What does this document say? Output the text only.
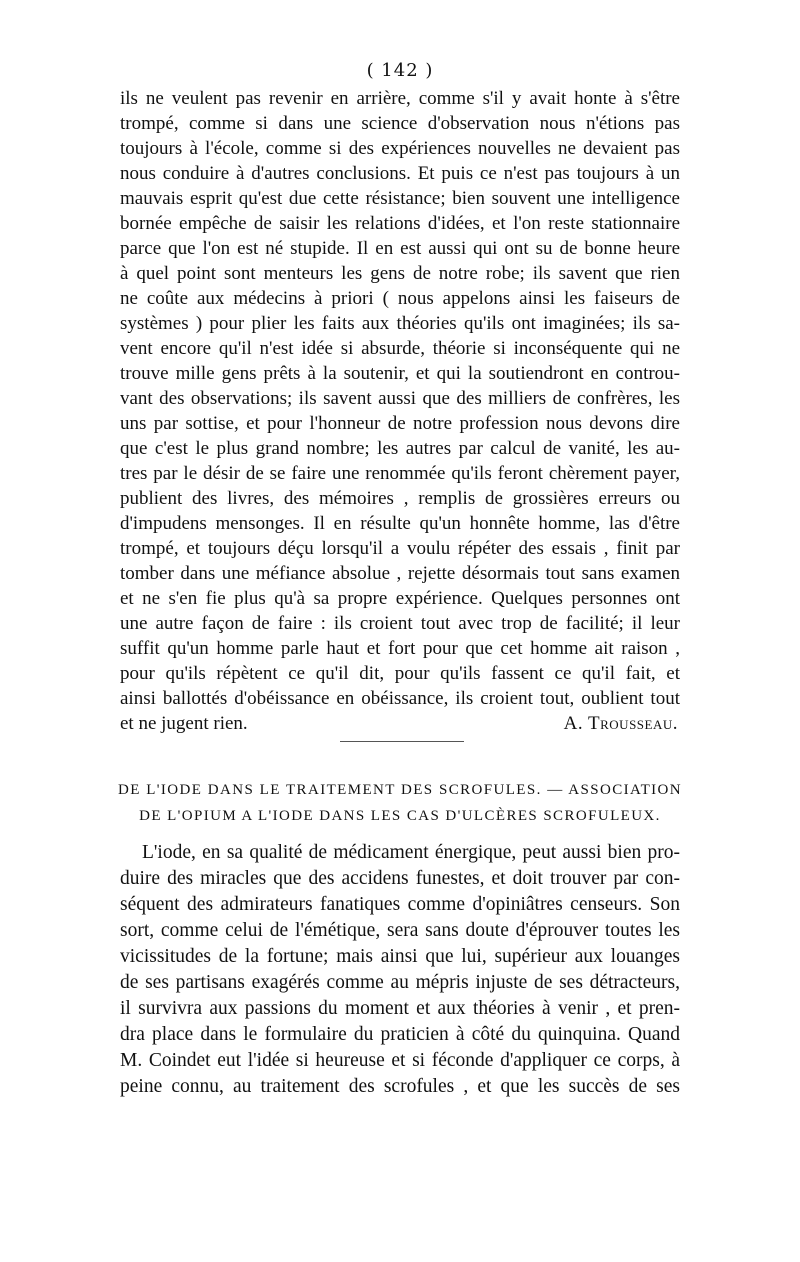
( 142 )
ils ne veulent pas revenir en arrière, comme s'il y avait honte à s'être
trompé, comme si dans une science d'observation nous n'étions pas
toujours à l'école, comme si des expériences nouvelles ne devaient pas
nous conduire à d'autres conclusions. Et puis ce n'est pas toujours à un
mauvais esprit qu'est due cette résistance; bien souvent une intelligence
bornée empêche de saisir les relations d'idées, et l'on reste stationnaire
parce que l'on est né stupide. Il en est aussi qui ont su de bonne heure
à quel point sont menteurs les gens de notre robe; ils savent que rien
ne coûte aux médecins à priori ( nous appelons ainsi les faiseurs de
systèmes ) pour plier les faits aux théories qu'ils ont imaginées; ils sa-
vent encore qu'il n'est idée si absurde, théorie si inconséquente qui ne
trouve mille gens prêts à la soutenir, et qui la soutiendront en controu-
vant des observations; ils savent aussi que des milliers de confrères, les
uns par sottise, et pour l'honneur de notre profession nous devons dire
que c'est le plus grand nombre; les autres par calcul de vanité, les au-
tres par le désir de se faire une renommée qu'ils feront chèrement payer,
publient des livres, des mémoires , remplis de grossières erreurs ou
d'impudens mensonges. Il en résulte qu'un honnête homme, las d'être
trompé, et toujours déçu lorsqu'il a voulu répéter des essais , finit par
tomber dans une méfiance absolue , rejette désormais tout sans examen
et ne s'en fie plus qu'à sa propre expérience. Quelques personnes ont
une autre façon de faire : ils croient tout avec trop de facilité; il leur
suffit qu'un homme parle haut et fort pour que cet homme ait raison ,
pour qu'ils répètent ce qu'il dit, pour qu'ils fassent ce qu'il fait, et
ainsi ballottés d'obéissance en obéissance, ils croient tout, oublient tout
et ne jugent rien.	A. Trousseau.
DE L'IODE DANS LE TRAITEMENT DES SCROFULES. — ASSOCIATION
DE L'OPIUM A L'IODE DANS LES CAS D'ULCÈRES SCROFULEUX.
L'iode, en sa qualité de médicament énergique, peut aussi bien pro-
duire des miracles que des accidens funestes, et doit trouver par con-
séquent des admirateurs fanatiques comme d'opiniâtres censeurs. Son
sort, comme celui de l'émétique, sera sans doute d'éprouver toutes les
vicissitudes de la fortune; mais ainsi que lui, supérieur aux louanges
de ses partisans exagérés comme au mépris injuste de ses détracteurs,
il survivra aux passions du moment et aux théories à venir , et pren-
dra place dans le formulaire du praticien à côté du quinquina. Quand
M. Coindet eut l'idée si heureuse et si féconde d'appliquer ce corps, à
peine connu, au traitement des scrofules , et que les succès de ses
